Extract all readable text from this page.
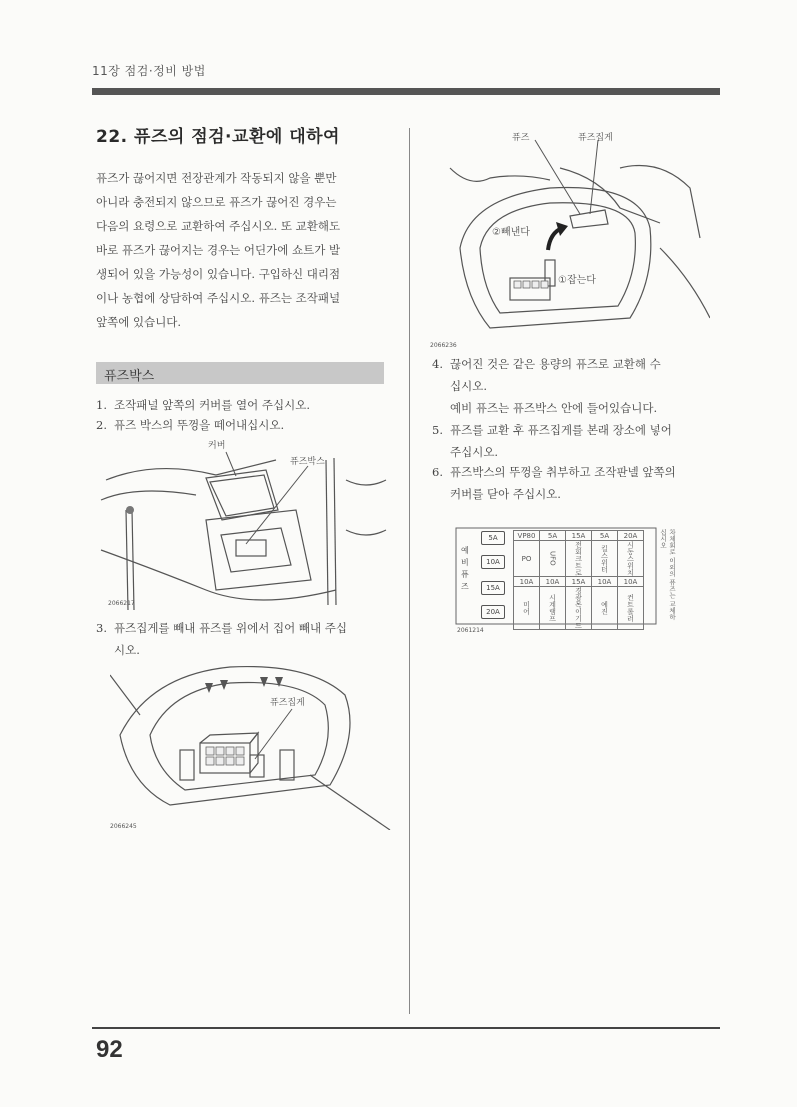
11장 점검·정비 방법
22. 퓨즈의 점검·교환에 대하여
퓨즈가 끊어지면 전장관계가 작동되지 않을 뿐만
아니라 충전되지 않으므로 퓨즈가 끊어진 경우는
다음의 요령으로 교환하여 주십시오. 또 교환해도
바로 퓨즈가 끊어지는 경우는 어딘가에 쇼트가 발
생되어 있을 가능성이 있습니다. 구입하신 대리점
이나 농협에 상담하여 주십시오. 퓨즈는 조작패널
앞쪽에 있습니다.
퓨즈박스
1. 조작패널 앞쪽의 커버를 열어 주십시오.
2. 퓨즈 박스의 뚜껑을 떼어내십시오.
3. 퓨즈집게를 빼내 퓨즈를 위에서 집어 빼내 주십
시오.
4. 끊어진 것은 같은 용량의 퓨즈로 교환해 수
십시오.
예비 퓨즈는 퓨즈박스 안에 들어있습니다.
5. 퓨즈를 교환 후 퓨즈집게를 본래 장소에 넣어
주십시오.
6. 퓨즈박스의 뚜껑을 취부하고 조작판넬 앞쪽의
커버를 닫아 주십시오.
커버
퓨즈박스
2066217
퓨즈집게
2066245
퓨즈	퓨즈집게
②빼낸다
①잡는다
2066236
예비퓨즈
5A
10A
15A
20A
VP80	5A	15A	5A	20A
PO	UFO	전회크트로	킬스위터	시동스위치
10A	10A	15A	10A	10A
미어	시계램프	경광목이기드	예진	컨트롤러	차체회로 이외의 퓨즈는 교체하십시오
2061214
92
